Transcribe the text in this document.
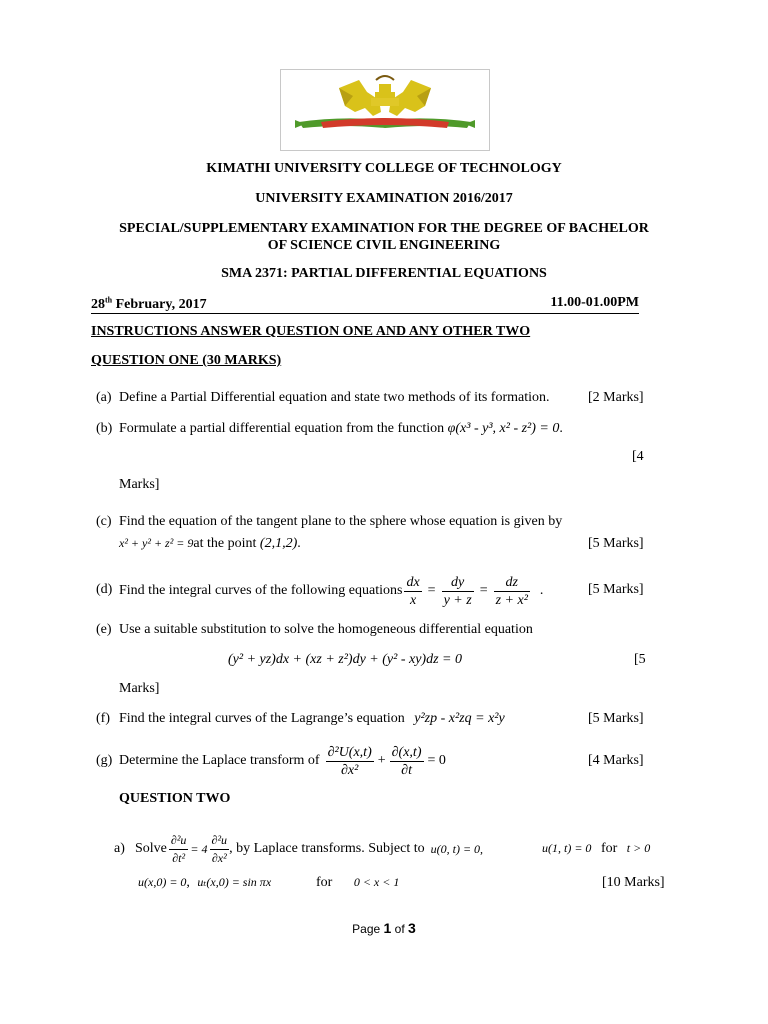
KIMATHI UNIVERSITY COLLEGE OF TECHNOLOGY
UNIVERSITY EXAMINATION 2016/2017
SPECIAL/SUPPLEMENTARY EXAMINATION FOR THE DEGREE OF BACHELOR
OF SCIENCE CIVIL ENGINEERING
SMA 2371: PARTIAL DIFFERENTIAL EQUATIONS
28th February, 2017	11.00-01.00PM
INSTRUCTIONS ANSWER QUESTION ONE AND ANY OTHER TWO
QUESTION ONE (30 MARKS)
(a) Define a Partial Differential equation and state two methods of its formation.	[2 Marks]
(b) Formulate a partial differential equation from the function φ(x³ - y³, x² - z²) = 0.
[4
Marks]
(c) Find the equation of the tangent plane to the sphere whose equation is given by
x² + y² + z² = 9at the point (2,1,2).	[5 Marks]
(d) Find the integral curves of the following equations $\frac{dx}{x} = \frac{dy}{y + z} = \frac{dz}{\text{z + x²}}$ .	[5 Marks]
(e) Use a suitable substitution to solve the homogeneous differential equation
(y² + yz)dx + (xz + z²)dy + (y² - xy)dz = 0	[5
Marks]
(f) Find the integral curves of the Lagrange’s equation y²zp - x²zq = x²y	[5 Marks]
(g) Determine the Laplace transform of $\frac{\text{∂²U(x,t)}}{\text{∂x²}} + \frac{\partial(x,t)}{\partial t} = 0$	[4 Marks]
QUESTION TWO
a) Solve $\frac{\text{∂²u}}{\text{∂t²}} = 4 \frac{\text{∂²u}}{\text{∂x²}}$ , by Laplace transforms. Subject to u(0, t) = 0,	u(1, t) = 0 for t > 0
u(x,0) = 0, uₜ(x,0) = sin πx	for 0 < x < 1	[10 Marks]
Page 1 of 3
